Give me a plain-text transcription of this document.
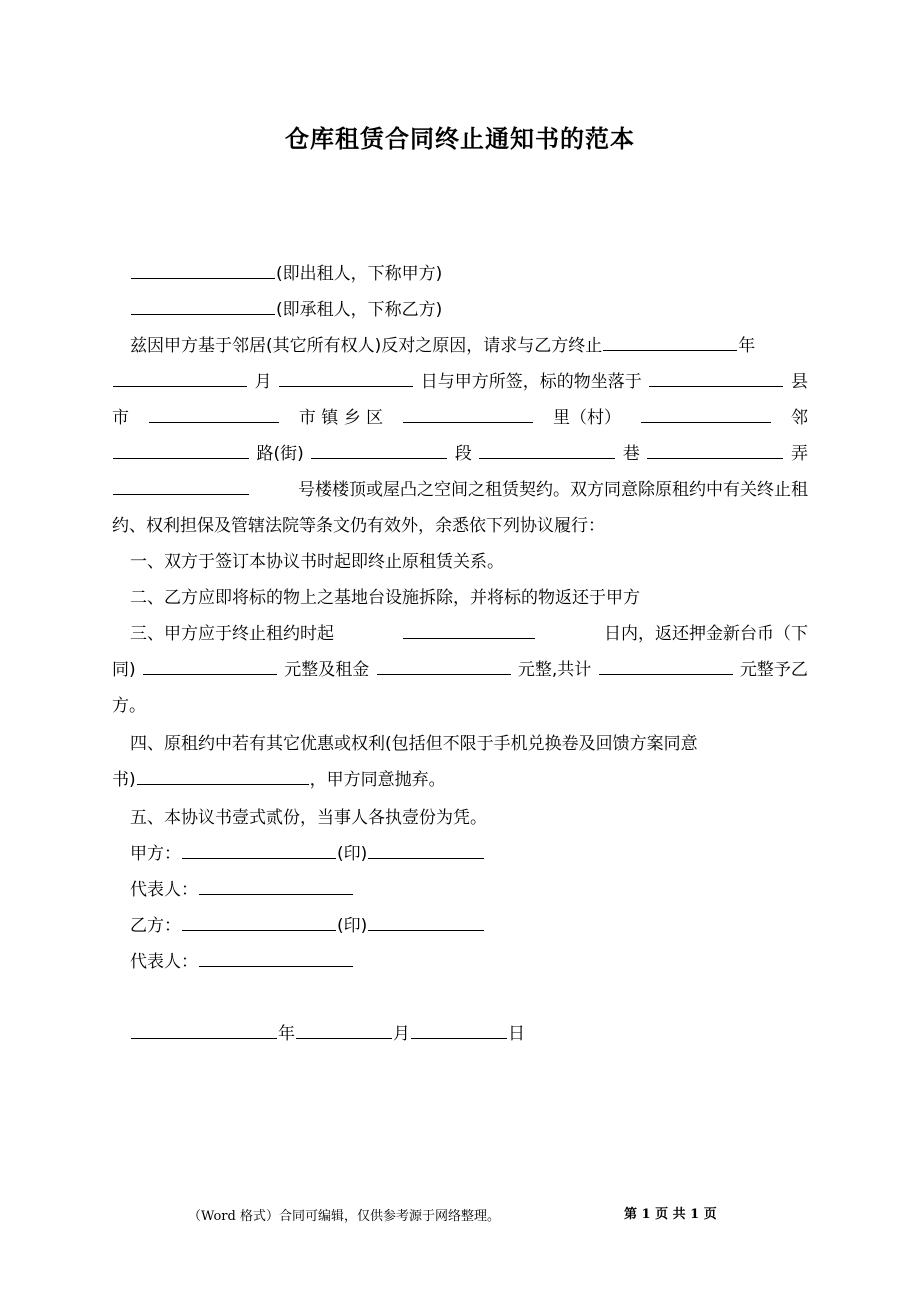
仓库租赁合同终止通知书的范本
(即出租人，下称甲方)
(即承租人，下称乙方)
兹因甲方基于邻居(其它所有权人)反对之原因，请求与乙方终止	年
月	日与甲方所签，标的物坐落于	县
市	市 镇 乡 区	里（村）	邻
路(街)	段	巷	弄
号楼楼顶或屋凸之空间之租赁契约。双方同意除原租约中有关终止租
约、权利担保及管辖法院等条文仍有效外，余悉依下列协议履行：
一、双方于签订本协议书时起即终止原租赁关系。
二、乙方应即将标的物上之基地台设施拆除，并将标的物返还于甲方
三、甲方应于终止租约时起	日内，返还押金新台币（下
同)	元整及租金	元整,共计	元整予乙
方。
四、原租约中若有其它优惠或权利(包括但不限于手机兑换卷及回馈方案同意
书)	，甲方同意抛弃。
五、本协议书壹式贰份，当事人各执壹份为凭。
甲方：	(印)
代表人：
乙方：	(印)
代表人：
年	月	日
（Word 格式）合同可编辑，仅供参考源于网络整理。	第 1 页 共 1 页
